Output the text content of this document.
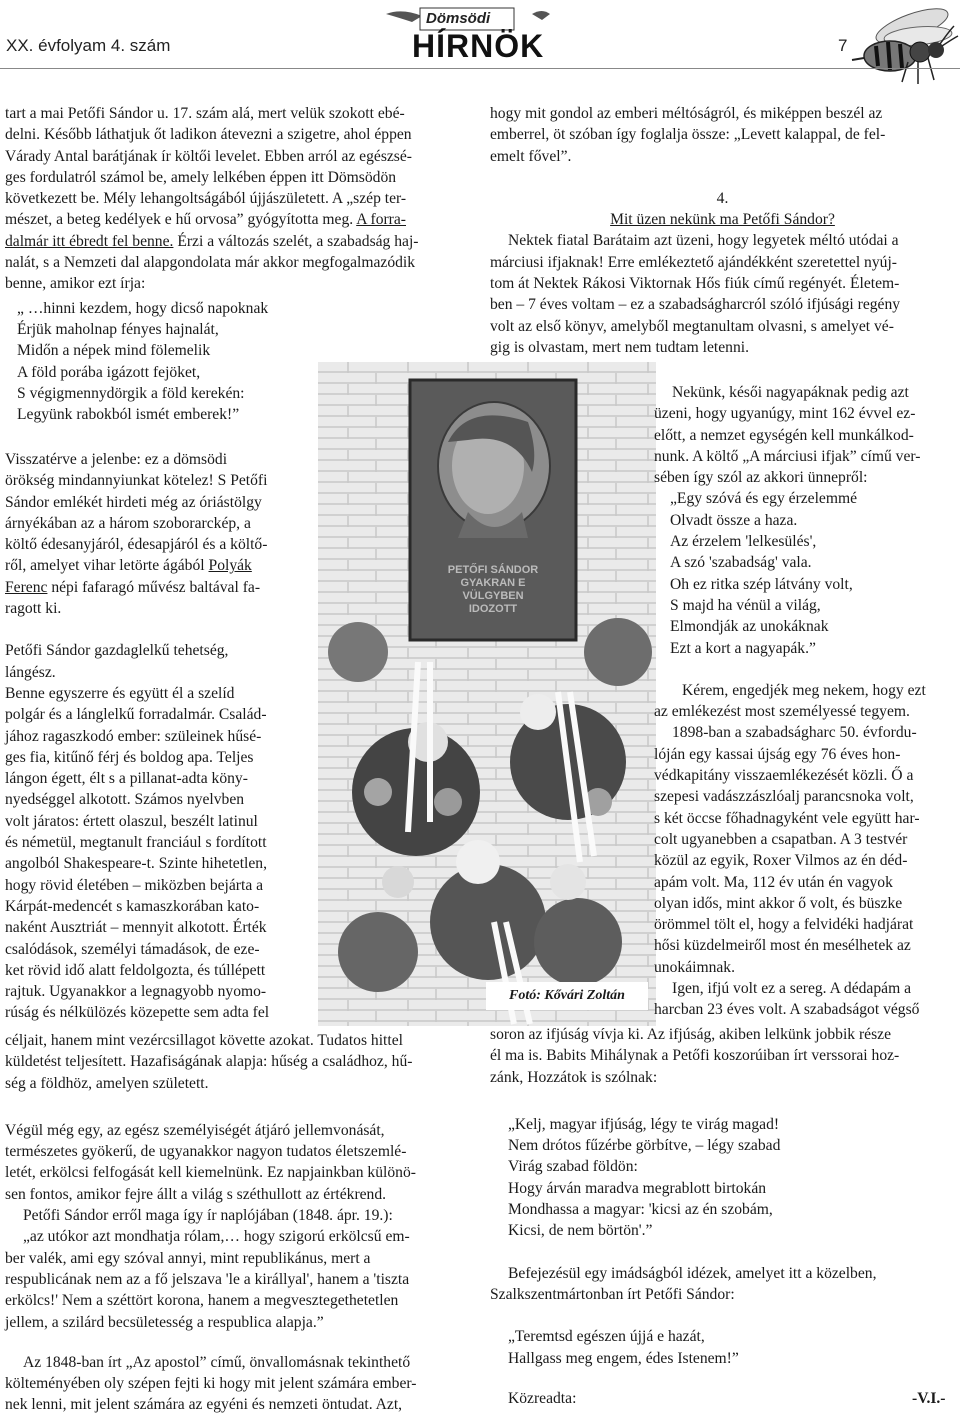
XX. évfolyam 4. szám
Dömsödi
HÍRNÖK	7

tart a mai Petőfi Sándor u. 17. szám alá, mert velük szokott ebé-
delni. Később láthatjuk őt ladikon átevezni a szigetre, ahol éppen
Várady Antal barátjának ír költői levelet. Ebben arról az egészsé-
ges fordulatról számol be, amely lelkében éppen itt Dömsödön
következett be. Mély lehangoltságából újjászületett. A „szép ter-
mészet, a beteg kedélyek e hű orvosa” gyógyította meg. A forra-
dalmár itt ébredt fel benne. Érzi a változás szelét, a szabadság haj-
nalát, s a Nemzeti dal alapgondolata már akkor megfogalmazódik
benne, amikor ezt írja:

„ …hinni kezdem, hogy dicső napoknak
Érjük maholnap fényes hajnalát,
Midőn a népek mind fölemelik
A föld porába igázott fejöket,
S végigmennydörgik a föld kerekén:
Legyünk rabokból ismét emberek!”

Visszatérve a jelenbe: ez a dömsödi
örökség mindannyiunkat kötelez! S Petőfi
Sándor emlékét hirdeti még az óriástölgy
árnyékában az a három szoborarckép, a
költő édesanyjáról, édesapjáról és a költő-
ről, amelyet vihar letörte ágából Polyák
Ferenc népi fafaragó művész baltával fa-
ragott ki.

Petőfi Sándor gazdaglelkű tehetség,
lángész.

Benne egyszerre és együtt él a szelíd
polgár és a lánglelkű forradalmár. Család-
jához ragaszkodó ember: szüleinek hűsé-
ges fia, kitűnő férj és boldog apa. Teljes
lángon égett, élt s a pillanat-adta köny-
nyedséggel alkotott. Számos nyelvben
volt járatos: értett olaszul, beszélt latinul
és németül, megtanult franciául s fordított
angolból Shakespeare-t. Szinte hihetetlen,
hogy rövid életében – miközben bejárta a
Kárpát-medencét s kamaszkorában kato-
naként Ausztriát – mennyit alkotott. Érték
csalódások, személyi támadások, de eze-
ket rövid idő alatt feldolgozta, és túllépett
rajtuk. Ugyanakkor a legnagyobb nyomo-
rúság és nélkülözés közepette sem adta fel

céljait, hanem mint vezércsillagot követte azokat. Tudatos hittel
küldetést teljesített. Hazafiságának alapja: hűség a családhoz, hű-
ség a földhöz, amelyen született.

Végül még egy, az egész személyiségét átjáró jellemvonását,
természetes gyökerű, de ugyanakkor nagyon tudatos életszemlé-
letét, erkölcsi felfogását kell kiemelnünk. Ez napjainkban különö-
sen fontos, amikor fejre állt a világ s széthullott az értékrend.

Petőfi Sándor erről maga így ír naplójában (1848. ápr. 19.):

„az utókor azt mondhatja rólam,… hogy szigorú erkölcsű em-
ber valék, ami egy szóval annyi, mint republikánus, mert a
respublicának nem az a fő jelszava 'le a királlyal', hanem a 'tiszta
erkölcs!' Nem a széttört korona, hanem a megvesztegethetetlen
jellem, a szilárd becsületesség a respublica alapja.”

Az 1848-ban írt „Az apostol” című, önvallomásnak tekinthető
költeményében oly szépen fejti ki hogy mit jelent számára ember-
nek lenni, mit jelent számára az egyéni és nemzeti öntudat. Azt,

PETŐFI SÁNDOR
GYAKRAN E
VÜLGYBEN
IDOZOTT
Fotó: Kővári Zoltán

hogy mit gondol az emberi méltóságról, és miképpen beszél az
emberrel, öt szóban így foglalja össze: „Levett kalappal, de fel-
emelt fővel”.

4.

Mit üzen nekünk ma Petőfi Sándor?

Nektek fiatal Barátaim azt üzeni, hogy legyetek méltó utódai a
márciusi ifjaknak! Erre emlékeztető ajándékként szeretettel nyúj-
tom át Nektek Rákosi Viktornak Hős fiúk című regényét. Életem-
ben – 7 éves voltam – ez a szabadságharcról szóló ifjúsági regény
volt az első könyv, amelyből megtanultam olvasni, s amelyet vé-
gig is olvastam, mert nem tudtam letenni.

Nekünk, késői nagyapáknak pedig azt
üzeni, hogy ugyanúgy, mint 162 évvel ez-
előtt, a nemzet egységén kell munkálkod-
nunk. A költő „A márciusi ifjak” című ver-
sében így szól az akkori ünnepről:

„Egy szóvá és egy érzelemmé
Olvadt össze a haza.
Az érzelem 'lelkesülés',
A szó 'szabadság' vala.
Oh ez ritka szép látvány volt,
S majd ha vénül a világ,
Elmondják az unokáknak
Ezt a kort a nagyapák.”

Kérem, engedjék meg nekem, hogy ezt
az emlékezést most személyessé tegyem.

1898-ban a szabadságharc 50. évfordu-
lóján egy kassai újság egy 76 éves hon-
védkapitány visszaemlékezését közli. Ő a
szepesi vadászzászlóalj parancsnoka volt,
s két öccse főhadnagyként vele együtt har-
colt ugyanebben a csapatban. A 3 testvér
közül az egyik, Roxer Vilmos az én déd-
apám volt. Ma, 112 év után én vagyok
olyan idős, mint akkor ő volt, és büszke
örömmel tölt el, hogy a felvidéki hadjárat
hősi küzdelmeiről most én mesélhetek az
unokáimnak.

Igen, ifjú volt ez a sereg. A dédapám a
harcban 23 éves volt. A szabadságot végső

soron az ifjúság vívja ki. Az ifjúság, akiben lelkünk jobbik része
él ma is. Babits Mihálynak a Petőfi koszorúiban írt verssorai hoz-
zánk, Hozzátok is szólnak:

„Kelj, magyar ifjúság, légy te virág magad!
Nem drótos fűzérbe görbítve, – légy szabad
Virág szabad földön:
Hogy árván maradva megrablott birtokán
Mondhassa a magyar: 'kicsi az én szobám,
Kicsi, de nem börtön'.”

Befejezésül egy imádságból idézek, amelyet itt a közelben,
Szalkszentmártonban írt Petőfi Sándor:

„Teremtsd egészen újjá e hazát,
Hallgass meg engem, édes Istenem!”

Közreadta:	-V.I.-
